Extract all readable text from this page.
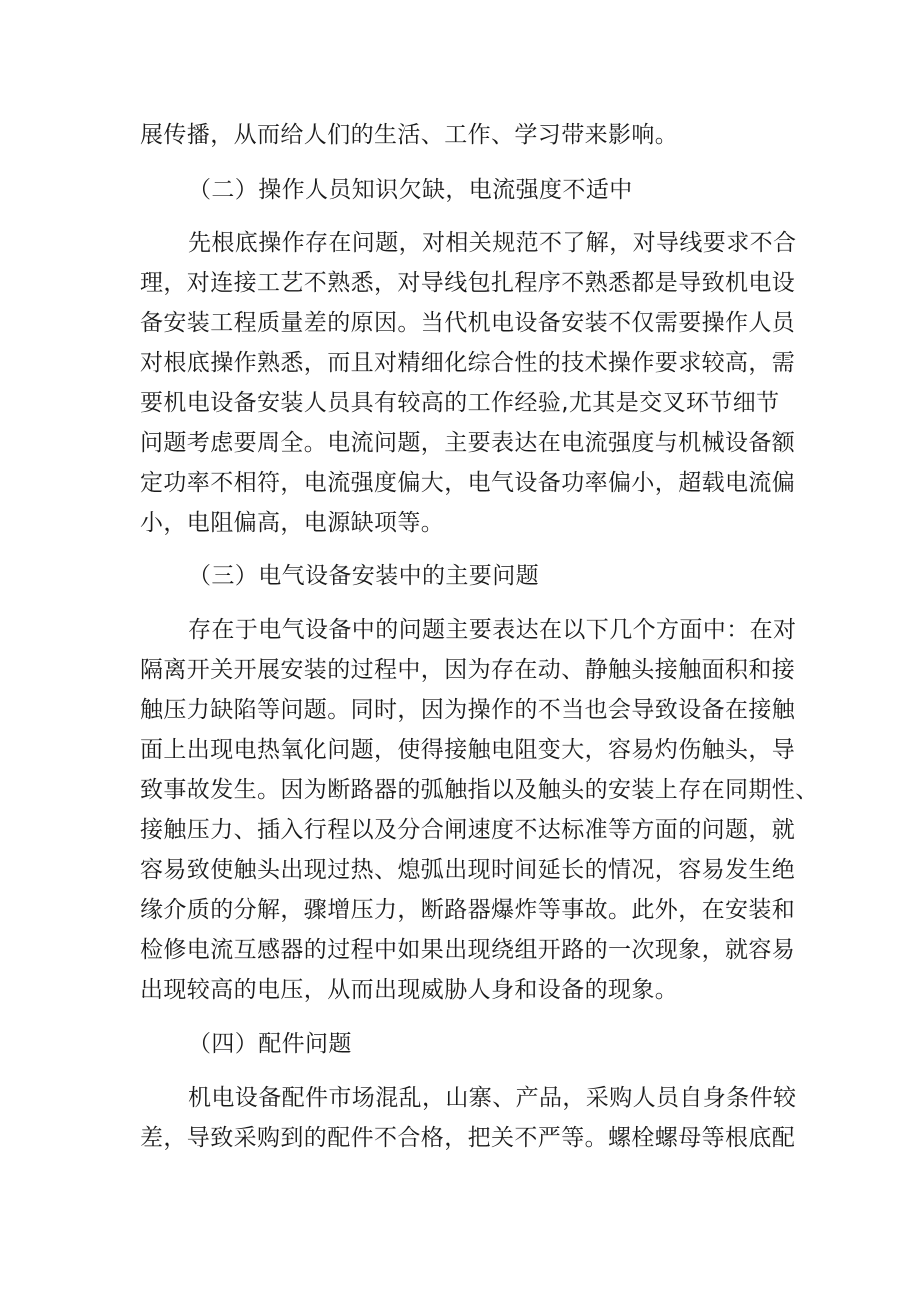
展传播，从而给人们的生活、工作、学习带来影响。
（二）操作人员知识欠缺，电流强度不适中
先根底操作存在问题，对相关规范不了解，对导线要求不合
理，对连接工艺不熟悉，对导线包扎程序不熟悉都是导致机电设
备安装工程质量差的原因。当代机电设备安装不仅需要操作人员
对根底操作熟悉，而且对精细化综合性的技术操作要求较高，需
要机电设备安装人员具有较高的工作经验,尤其是交叉环节细节
问题考虑要周全。电流问题，主要表达在电流强度与机械设备额
定功率不相符，电流强度偏大，电气设备功率偏小，超载电流偏
小，电阻偏高，电源缺项等。
（三）电气设备安装中的主要问题
存在于电气设备中的问题主要表达在以下几个方面中：在对
隔离开关开展安装的过程中，因为存在动、静触头接触面积和接
触压力缺陷等问题。同时，因为操作的不当也会导致设备在接触
面上出现电热氧化问题，使得接触电阻变大，容易灼伤触头，导
致事故发生。因为断路器的弧触指以及触头的安装上存在同期性、
接触压力、插入行程以及分合闸速度不达标准等方面的问题，就
容易致使触头出现过热、熄弧出现时间延长的情况，容易发生绝
缘介质的分解，骤增压力，断路器爆炸等事故。此外，在安装和
检修电流互感器的过程中如果出现绕组开路的一次现象，就容易
出现较高的电压，从而出现威胁人身和设备的现象。
（四）配件问题
机电设备配件市场混乱，山寨、产品，采购人员自身条件较
差，导致采购到的配件不合格，把关不严等。螺栓螺母等根底配
